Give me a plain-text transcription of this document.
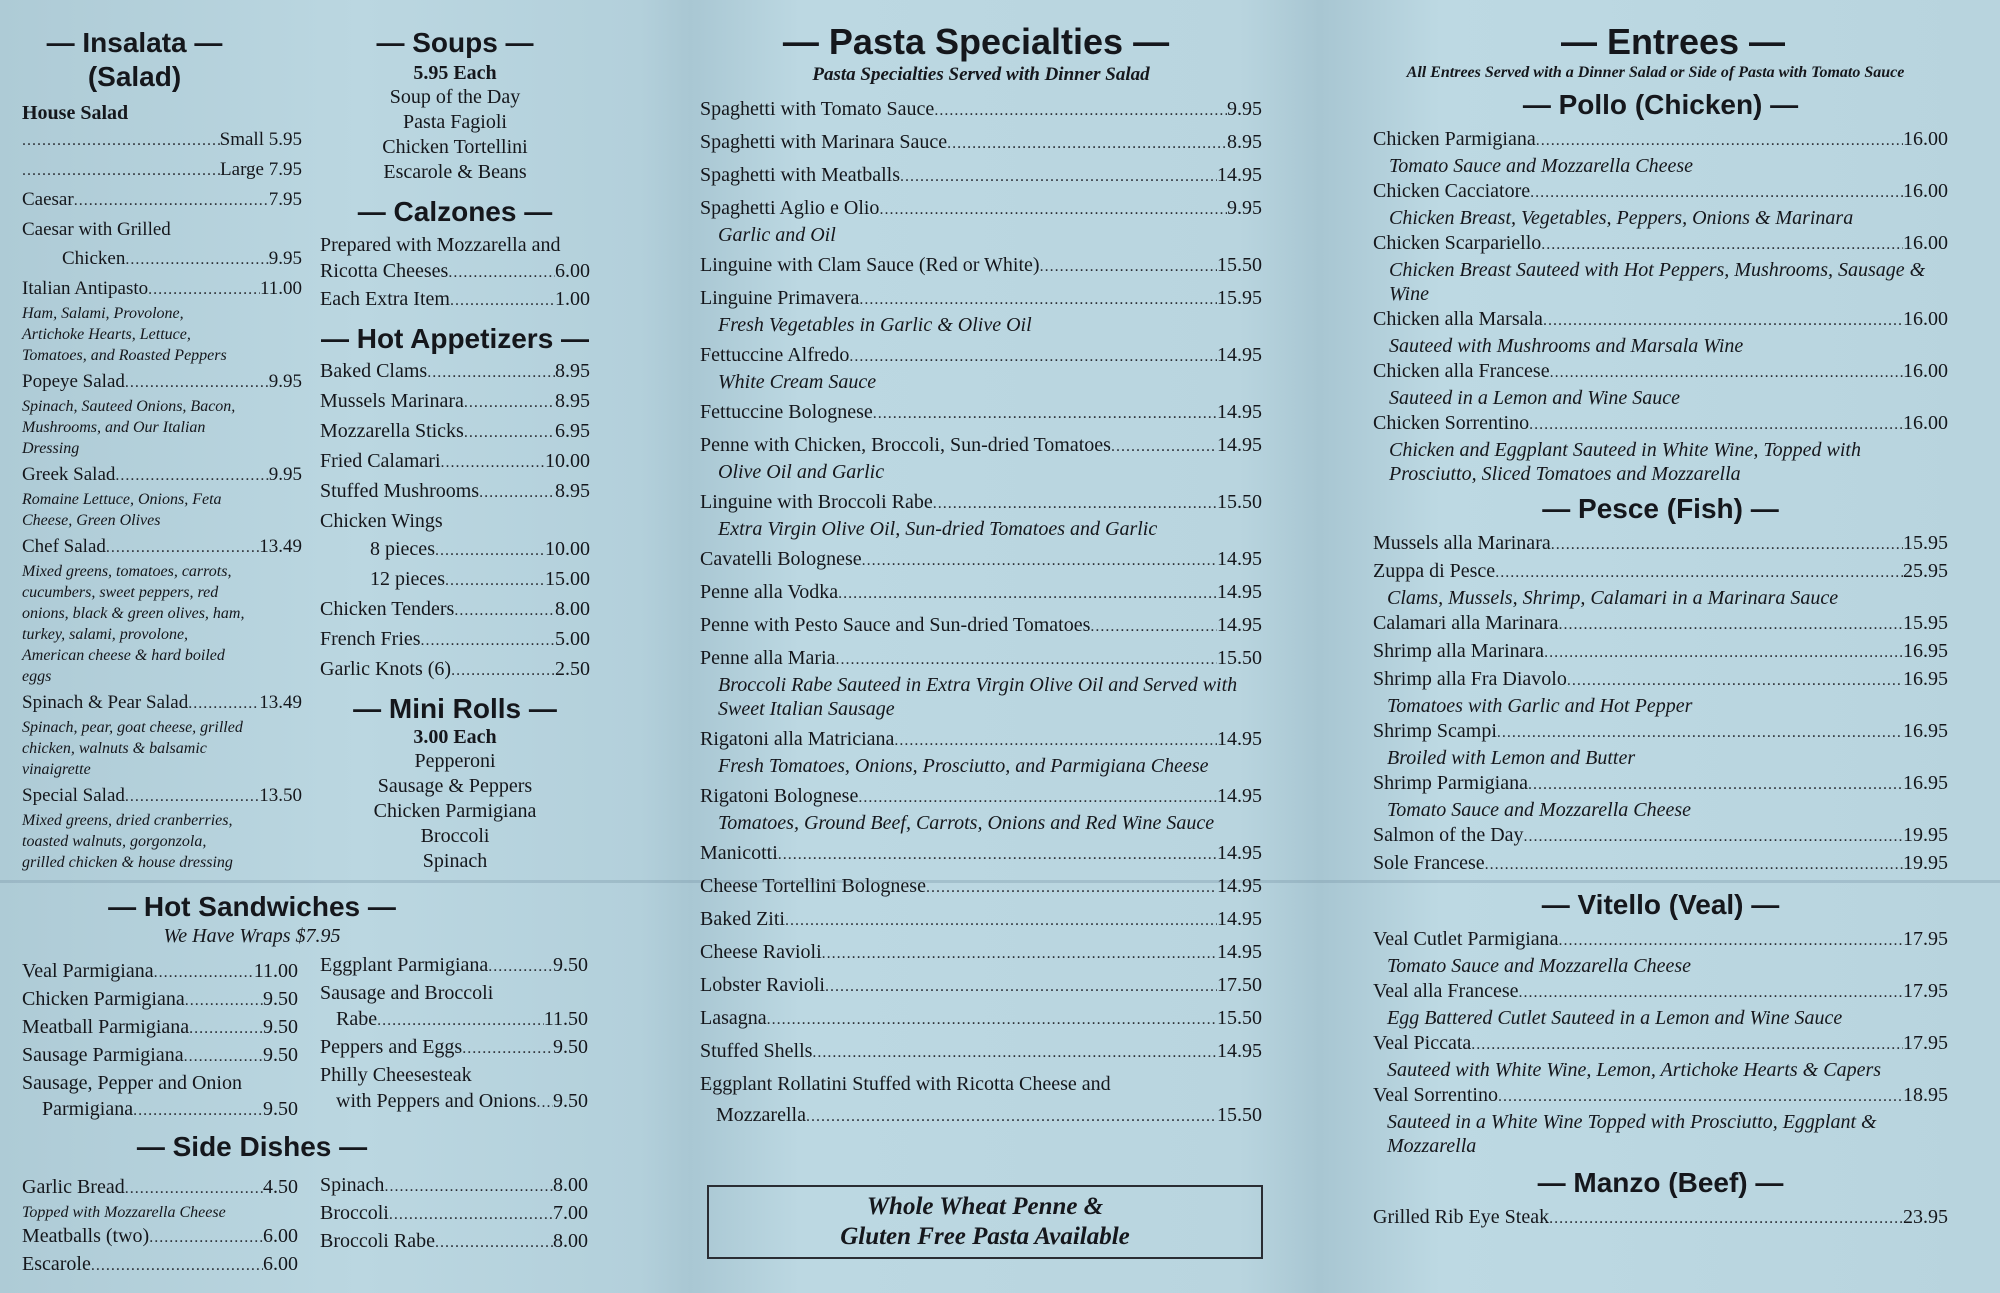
— Insalata —
(Salad)
House Salad
.....
Small 5.95
.....
Large 7.95
Caesar .....	7.95
Caesar with Grilled
Chicken .....	9.95
Italian Antipasto .....	11.00
Ham, Salami, Provolone, Artichoke Hearts, Lettuce, Tomatoes, and Roasted Peppers
Popeye Salad .....	9.95
Spinach, Sauteed Onions, Bacon, Mushrooms, and Our Italian Dressing
Greek Salad .....	9.95
Romaine Lettuce, Onions, Feta Cheese, Green Olives
Chef Salad .....	13.49
Mixed greens, tomatoes, carrots, cucumbers, sweet peppers, red onions, black & green olives, ham, turkey, salami, provolone, American cheese & hard boiled eggs
Spinach & Pear Salad .....	13.49
Spinach, pear, goat cheese, grilled chicken, walnuts & balsamic vinaigrette
Special Salad .....	13.50
Mixed greens, dried cranberries, toasted walnuts, gorgonzola, grilled chicken & house dressing
— Soups —
5.95 Each
Soup of the Day
Pasta Fagioli
Chicken Tortellini
Escarole & Beans
— Calzones —
Prepared with Mozzarella and
Ricotta Cheeses .....	6.00
Each Extra Item .....	1.00
— Hot Appetizers —
Baked Clams .....	8.95
Mussels Marinara .....	8.95
Mozzarella Sticks .....	6.95
Fried Calamari .....	10.00
Stuffed Mushrooms .....	8.95
Chicken Wings
8 pieces .....	10.00
12 pieces .....	15.00
Chicken Tenders .....	8.00
French Fries .....	5.00
Garlic Knots (6) .....	2.50
— Mini Rolls —
3.00 Each
Pepperoni
Sausage & Peppers
Chicken Parmigiana
Broccoli
Spinach
— Hot Sandwiches —
We Have Wraps $7.95
Veal Parmigiana .....	11.00
Chicken Parmigiana .....	9.50
Meatball Parmigiana .....	9.50
Sausage Parmigiana .....	9.50
Sausage, Pepper and Onion
Parmigiana .....	9.50
Eggplant Parmigiana .....	9.50
Sausage and Broccoli
Rabe .....	11.50
Peppers and Eggs .....	9.50
Philly Cheesesteak
with Peppers and Onions ..... 9.50
— Side Dishes —
Garlic Bread .....	4.50
Topped with Mozzarella Cheese
Meatballs (two) .....	6.00
Escarole .....	6.00
Spinach .....	8.00
Broccoli .....	7.00
Broccoli Rabe .....	8.00
— Pasta Specialties —
Pasta Specialties Served with Dinner Salad
Spaghetti with Tomato Sauce .....	9.95
Spaghetti with Marinara Sauce .....	8.95
Spaghetti with Meatballs .....	14.95
Spaghetti Aglio e Olio .....	9.95
Garlic and Oil
Linguine with Clam Sauce (Red or White) .....	15.50
Linguine Primavera .....	15.95
Fresh Vegetables in Garlic & Olive Oil
Fettuccine Alfredo .....	14.95
White Cream Sauce
Fettuccine Bolognese .....	14.95
Penne with Chicken, Broccoli, Sun-dried Tomatoes .....	14.95
Olive Oil and Garlic
Linguine with Broccoli Rabe .....	15.50
Extra Virgin Olive Oil, Sun-dried Tomatoes and Garlic
Cavatelli Bolognese .....	14.95
Penne alla Vodka .....	14.95
Penne with Pesto Sauce and Sun-dried Tomatoes .....	14.95
Penne alla Maria .....	15.50
Broccoli Rabe Sauteed in Extra Virgin Olive Oil and Served with Sweet Italian Sausage
Rigatoni alla Matriciana .....	14.95
Fresh Tomatoes, Onions, Prosciutto, and Parmigiana Cheese
Rigatoni Bolognese .....	14.95
Tomatoes, Ground Beef, Carrots, Onions and Red Wine Sauce
Manicotti .....	14.95
Cheese Tortellini Bolognese .....	14.95
Baked Ziti .....	14.95
Cheese Ravioli .....	14.95
Lobster Ravioli .....	17.50
Lasagna .....	15.50
Stuffed Shells .....	14.95
Eggplant Rollatini Stuffed with Ricotta Cheese and
Mozzarella .....	15.50
Whole Wheat Penne &
Gluten Free Pasta Available
— Entrees —
All Entrees Served with a Dinner Salad or Side of Pasta with Tomato Sauce
— Pollo (Chicken) —
Chicken Parmigiana .....	16.00
Tomato Sauce and Mozzarella Cheese
Chicken Cacciatore .....	16.00
Chicken Breast, Vegetables, Peppers, Onions & Marinara
Chicken Scarpariello .....	16.00
Chicken Breast Sauteed with Hot Peppers, Mushrooms, Sausage & Wine
Chicken alla Marsala .....	16.00
Sauteed with Mushrooms and Marsala Wine
Chicken alla Francese .....	16.00
Sauteed in a Lemon and Wine Sauce
Chicken Sorrentino .....	16.00
Chicken and Eggplant Sauteed in White Wine, Topped with Prosciutto, Sliced Tomatoes and Mozzarella
— Pesce (Fish) —
Mussels alla Marinara .....	15.95
Zuppa di Pesce .....	25.95
Clams, Mussels, Shrimp, Calamari in a Marinara Sauce
Calamari alla Marinara .....	15.95
Shrimp alla Marinara .....	16.95
Shrimp alla Fra Diavolo .....	16.95
Tomatoes with Garlic and Hot Pepper
Shrimp Scampi .....	16.95
Broiled with Lemon and Butter
Shrimp Parmigiana .....	16.95
Tomato Sauce and Mozzarella Cheese
Salmon of the Day .....	19.95
Sole Francese .....	19.95
— Vitello (Veal) —
Veal Cutlet Parmigiana .....	17.95
Tomato Sauce and Mozzarella Cheese
Veal alla Francese .....	17.95
Egg Battered Cutlet Sauteed in a Lemon and Wine Sauce
Veal Piccata .....	17.95
Sauteed with White Wine, Lemon, Artichoke Hearts & Capers
Veal Sorrentino .....	18.95
Sauteed in a White Wine Topped with Prosciutto, Eggplant & Mozzarella
— Manzo (Beef) —
Grilled Rib Eye Steak .....	23.95
